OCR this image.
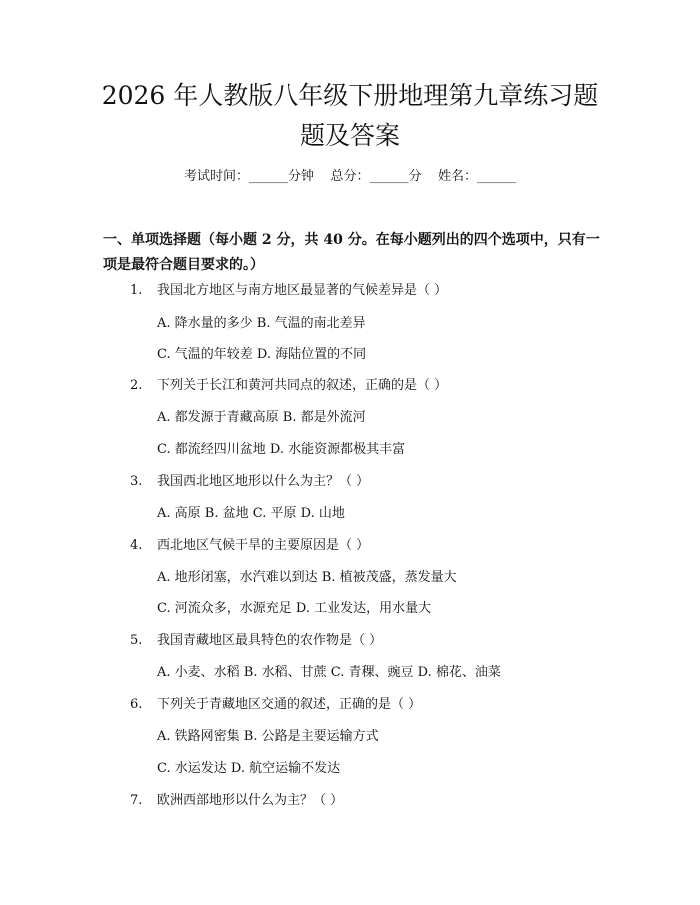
2026 年人教版八年级下册地理第九章练习题
题及答案
考试时间：______分钟    总分：______分    姓名：______

一、单项选择题（每小题 2 分，共 40 分。在每小题列出的四个选项中，只有一项是最符合题目要求的。）

1.	我国北方地区与南方地区最显著的气候差异是（ ）
A. 降水量的多少 B. 气温的南北差异
C. 气温的年较差 D. 海陆位置的不同
2.	下列关于长江和黄河共同点的叙述，正确的是（ ）
A. 都发源于青藏高原 B. 都是外流河
C. 都流经四川盆地 D. 水能资源都极其丰富
3.	我国西北地区地形以什么为主？（ ）
A. 高原 B. 盆地 C. 平原 D. 山地
4.	西北地区气候干旱的主要原因是（ ）
A. 地形闭塞，水汽难以到达 B. 植被茂盛，蒸发量大
C. 河流众多，水源充足 D. 工业发达，用水量大
5.	我国青藏地区最具特色的农作物是（ ）
A. 小麦、水稻 B. 水稻、甘蔗 C. 青稞、豌豆 D. 棉花、油菜
6.	下列关于青藏地区交通的叙述，正确的是（ ）
A. 铁路网密集 B. 公路是主要运输方式
C. 水运发达 D. 航空运输不发达
7.	欧洲西部地形以什么为主？（ ）
